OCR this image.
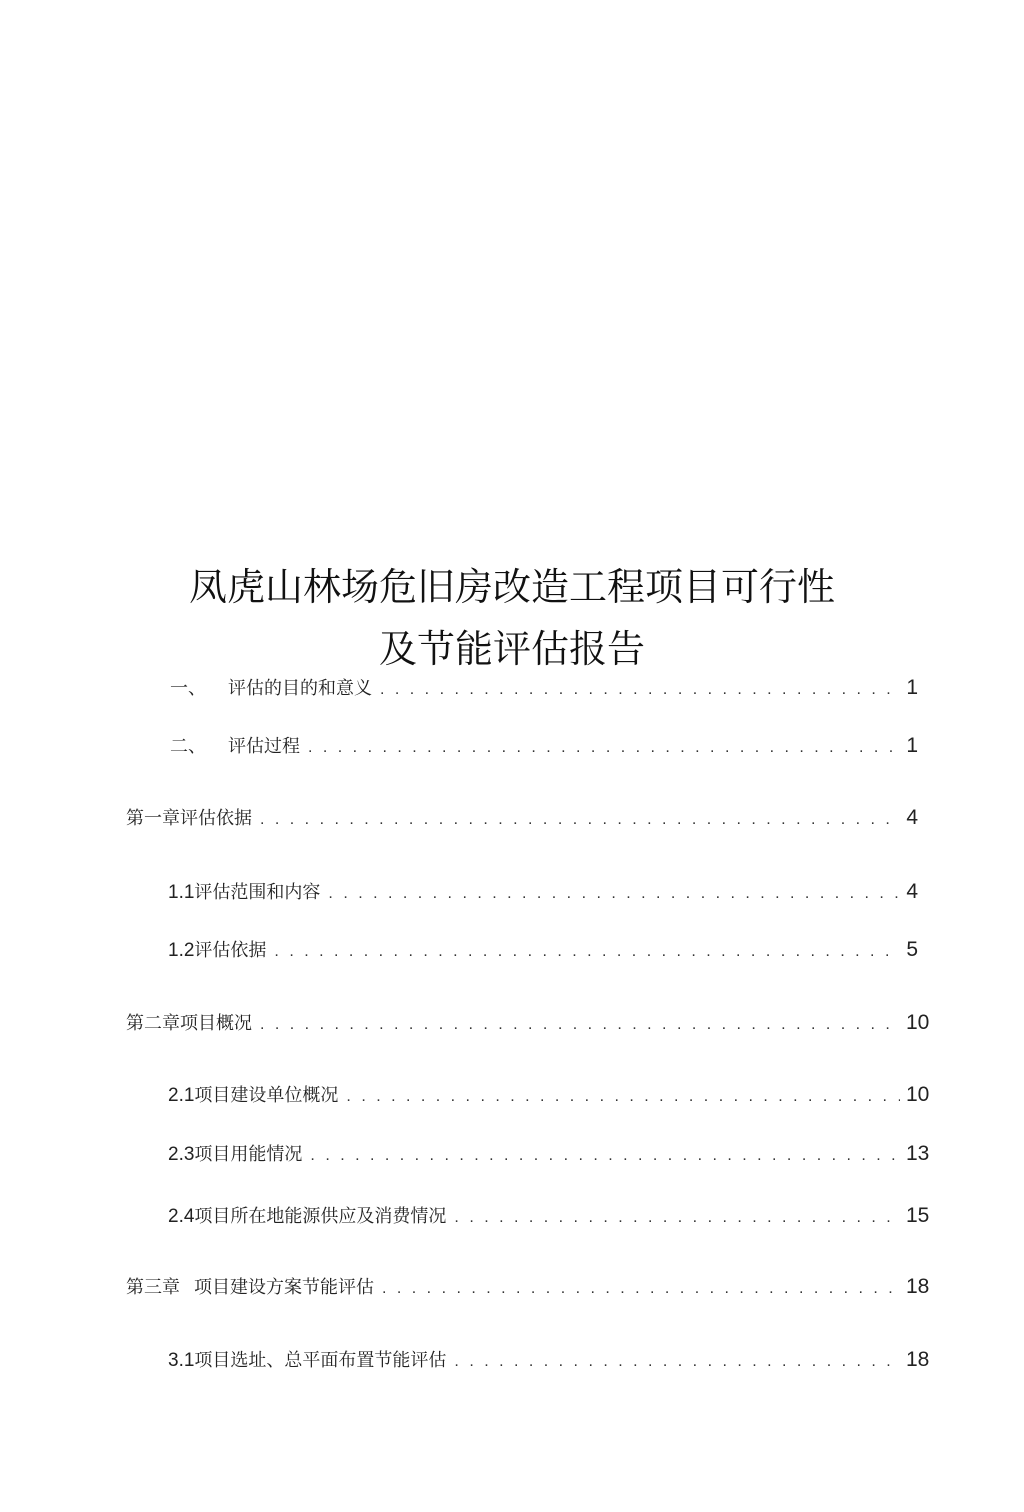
凤虎山林场危旧房改造工程项目可行性
及节能评估报告
一、 评估的目的和意义 . . .	1
二、 评估过程 . . .	1
第一章评估依据 . . .	4
1.1 评估范围和内容 . . .	4
1.2 评估依据 . . .	5
第二章项目概况 . . .	10
2.1 项目建设单位概况 . . .	10
2.3 项目用能情况 . . .	13
2.4 项目所在地能源供应及消费情况 . . .	15
第三章 项目建设方案节能评估 . . .	18
3.1 项目选址、总平面布置节能评估 . . .	18
